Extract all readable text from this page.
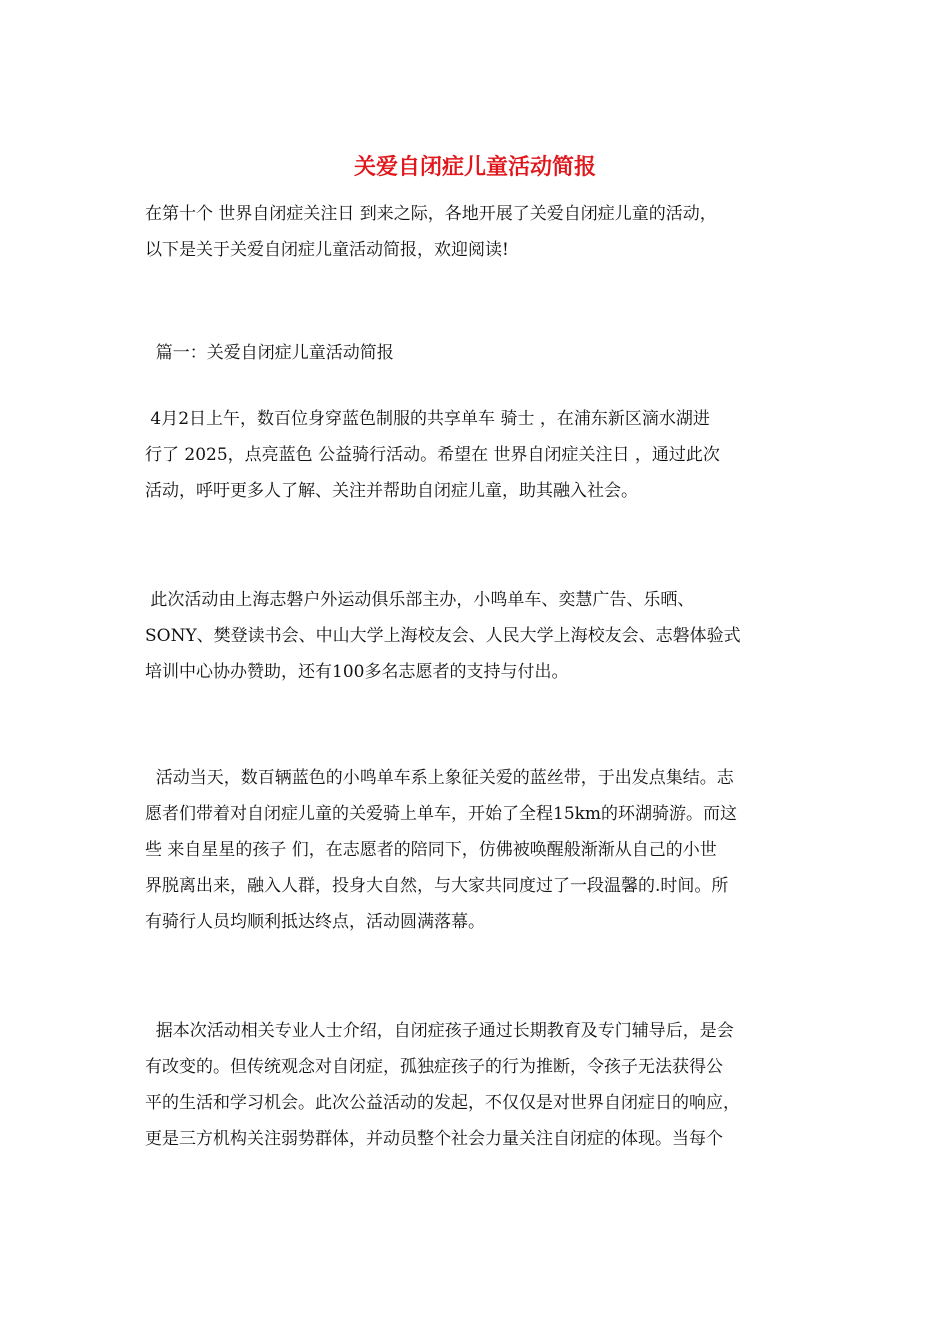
关爱自闭症儿童活动简报

在第十个 世界自闭症关注日 到来之际，各地开展了关爱自闭症儿童的活动，
以下是关于关爱自闭症儿童活动简报，欢迎阅读!

篇一：关爱自闭症儿童活动简报

4月2日上午，数百位身穿蓝色制服的共享单车 骑士 ，在浦东新区滴水湖进
行了 2025，点亮蓝色 公益骑行活动。希望在 世界自闭症关注日 ，通过此次
活动，呼吁更多人了解、关注并帮助自闭症儿童，助其融入社会。

此次活动由上海志磐户外运动俱乐部主办，小鸣单车、奕慧广告、乐晒、
SONY、樊登读书会、中山大学上海校友会、人民大学上海校友会、志磐体验式
培训中心协办赞助，还有100多名志愿者的支持与付出。

活动当天，数百辆蓝色的小鸣单车系上象征关爱的蓝丝带，于出发点集结。志
愿者们带着对自闭症儿童的关爱骑上单车，开始了全程15km的环湖骑游。而这
些 来自星星的孩子 们，在志愿者的陪同下，仿佛被唤醒般渐渐从自己的小世
界脱离出来，融入人群，投身大自然，与大家共同度过了一段温馨的.时间。所
有骑行人员均顺利抵达终点，活动圆满落幕。

据本次活动相关专业人士介绍，自闭症孩子通过长期教育及专门辅导后，是会
有改变的。但传统观念对自闭症，孤独症孩子的行为推断，令孩子无法获得公
平的生活和学习机会。此次公益活动的发起，不仅仅是对世界自闭症日的响应，
更是三方机构关注弱势群体，并动员整个社会力量关注自闭症的体现。当每个
